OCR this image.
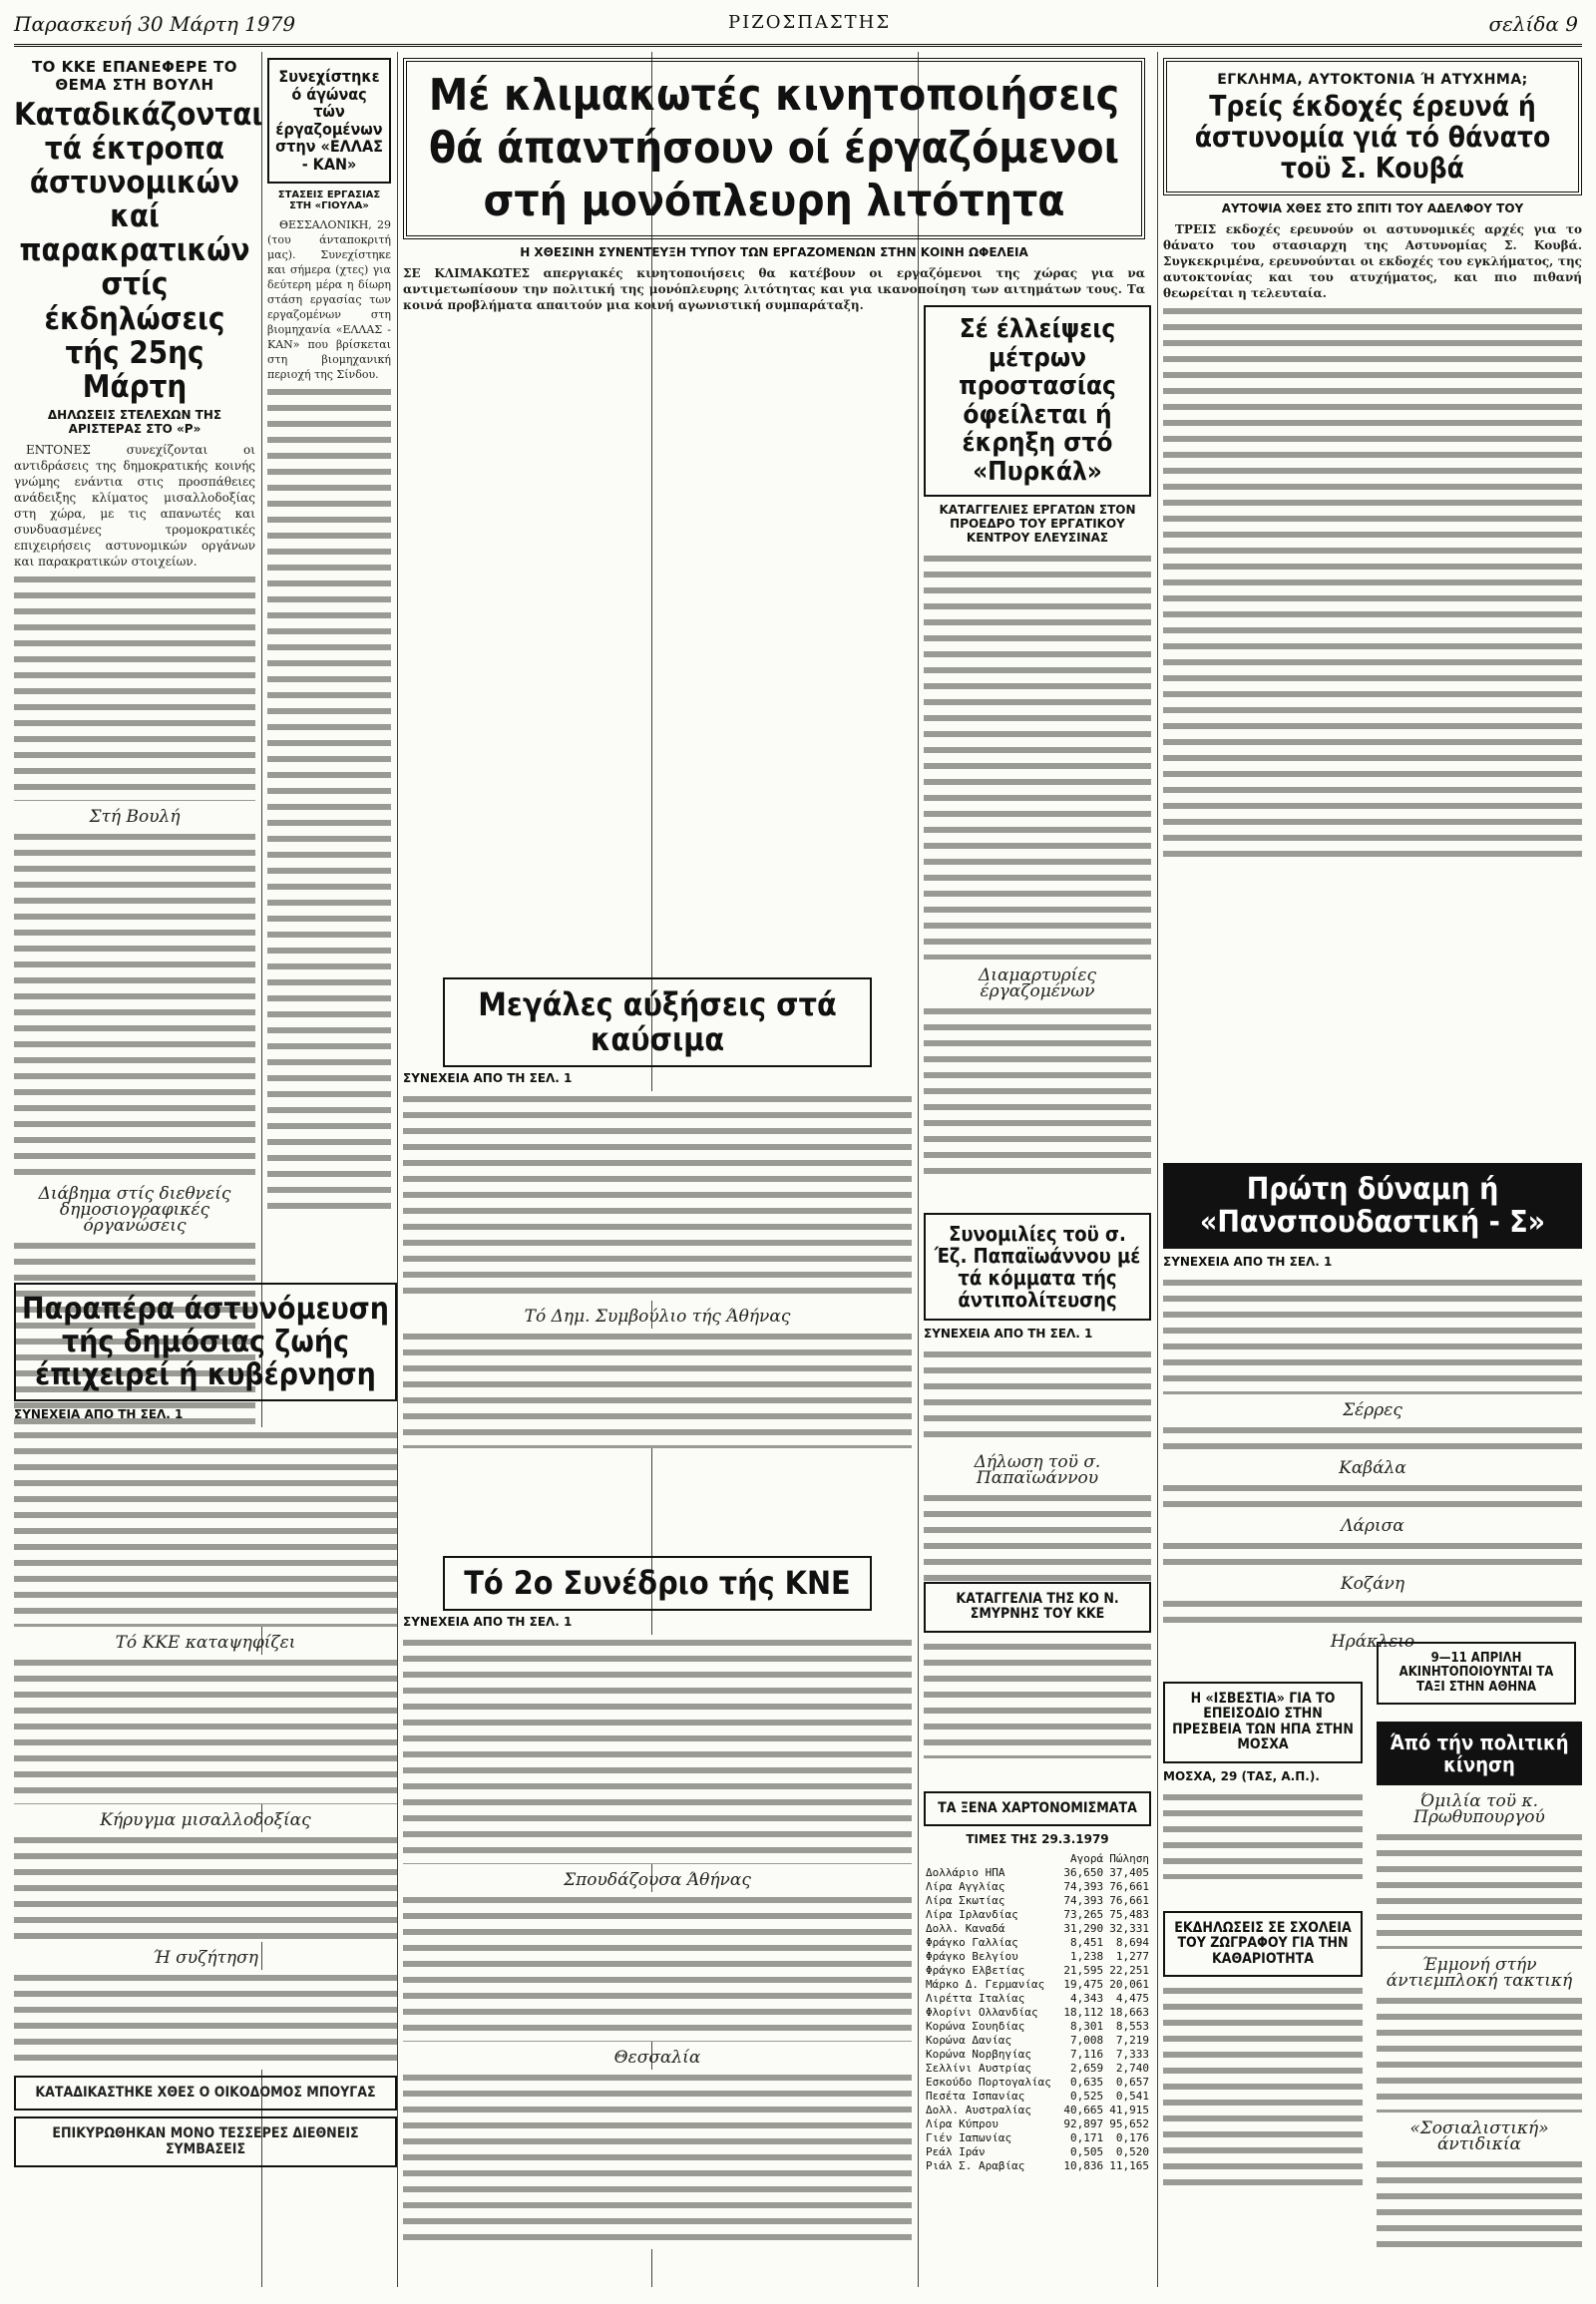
Παρασκευή 30 Μάρτη 1979	ΡΙΖΟΣΠΑΣΤΗΣ	σελίδα 9
ΤΟ ΚΚΕ ΕΠΑΝΕΦΕΡΕ ΤΟ ΘΕΜΑ ΣΤΗ ΒΟΥΛΗ
Καταδικάζονται τά έκτροπα άστυνομικών καί παρακρατικών στίς έκδηλώσεις τής 25ης Μάρτη
ΔΗΛΩΣΕΙΣ ΣΤΕΛΕΧΩΝ ΤΗΣ ΑΡΙΣΤΕΡΑΣ ΣΤΟ «Ρ»

ΕΝΤΟΝΕΣ συνεχίζονται οι αντιδράσεις της δημοκρατικής κοινής γνώμης ενάντια στις προσπάθειες ανάδειξης κλίματος μισαλλοδοξίας στη χώρα, με τις απανωτές και συνδυασμένες τρομοκρατικές επιχειρήσεις αστυνομικών οργάνων και παρακρατικών στοιχείων.

Στή Βουλή
Διάβημα στίς διεθνείς δημοσιογραφικές όργανώσεις
Συνεχίστηκε ό άγώνας τών έργαζομένων στην «ΕΛΛΑΣ - ΚΑΝ»
ΣΤΑΣΕΙΣ ΕΡΓΑΣΙΑΣ ΣΤΗ «ΓΙΟΥΛΑ»

ΘΕΣΣΑΛΟΝΙΚΗ, 29 (του άνταποκριτή μας). Συνεχίστηκε και σήμερα (χτες) για δεύτερη μέρα η δίωρη στάση εργασίας των εργαζομένων στη βιομηχανία «ΕΛΛΑΣ - ΚΑΝ» που βρίσκεται στη βιομηχανική περιοχή της Σίνδου.

Μέ κλιμακωτές κινητοποιήσεις θά άπαντήσουν οί έργαζόμενοι στή μονόπλευρη λιτότητα
Η ΧΘΕΣΙΝΗ ΣΥΝΕΝΤΕΥΞΗ ΤΥΠΟΥ ΤΩΝ ΕΡΓΑΖΟΜΕΝΩΝ ΣΤΗΝ ΚΟΙΝΗ ΩΦΕΛΕΙΑ
ΣΕ ΚΛΙΜΑΚΩΤΕΣ απεργιακές κινητοποιήσεις θα κατέβουν οι εργαζόμενοι της χώρας για να αντιμετωπίσουν την πολιτική της μονόπλευρης λιτότητας και για ικανοποίηση των αιτημάτων τους. Τα κοινά προβλήματα απαιτούν μια κοινή αγωνιστική συμπαράταξη.
ΕΓΚΛΗΜΑ, ΑΥΤΟΚΤΟΝΙΑ Ή ΑΤΥΧΗΜΑ;
Τρείς έκδοχές έρευνά ή άστυνομία γιά τό θάνατο τοϋ Σ. Κουβά
ΑΥΤΟΨΙΑ ΧΘΕΣ ΣΤΟ ΣΠΙΤΙ ΤΟΥ ΑΔΕΛΦΟΥ ΤΟΥ

ΤΡΕΙΣ εκδοχές ερευνούν οι αστυνομικές αρχές για το θάνατο του στασιαρχη της Αστυνομίας Σ. Κουβά. Συγκεκριμένα, ερευνούνται οι εκδοχές του εγκλήματος, της αυτοκτονίας και του ατυχήματος, και πιο πιθανή θεωρείται η τελευταία.

Σέ έλλείψεις μέτρων προστασίας όφείλεται ή έκρηξη στό «Πυρκάλ»
ΚΑΤΑΓΓΕΛΙΕΣ ΕΡΓΑΤΩΝ ΣΤΟΝ ΠΡΟΕΔΡΟ ΤΟΥ ΕΡΓΑΤΙΚΟΥ ΚΕΝΤΡΟΥ ΕΛΕΥΣΙΝΑΣ
Διαμαρτυρίες έργαζομένων
Μεγάλες αύξήσεις στά καύσιμα
ΣΥΝΕΧΕΙΑ ΑΠΟ ΤΗ ΣΕΛ. 1
Τό Δημ. Συμβούλιο τής Άθήνας
Τό 2ο Συνέδριο τής ΚΝΕ
ΣΥΝΕΧΕΙΑ ΑΠΟ ΤΗ ΣΕΛ. 1
Σπουδάζουσα Άθήνας
Θεσσαλία
Παραπέρα άστυνόμευση τής δημόσιας ζωής έπιχειρεί ή κυβέρνηση
ΣΥΝΕΧΕΙΑ ΑΠΟ ΤΗ ΣΕΛ. 1
Τό ΚΚΕ καταψηφίζει
Κήρυγμα μισαλλοδοξίας
Ή συζήτηση
ΚΑΤΑΔΙΚΑΣΤΗΚΕ ΧΘΕΣ Ο ΟΙΚΟΔΟΜΟΣ ΜΠΟΥΓΑΣ
ΕΠΙΚΥΡΩΘΗΚΑΝ ΜΟΝΟ ΤΕΣΣΕΡΕΣ ΔΙΕΘΝΕΙΣ ΣΥΜΒΑΣΕΙΣ
Πρώτη δύναμη ή «Πανσπουδαστική - Σ»
ΣΥΝΕΧΕΙΑ ΑΠΟ ΤΗ ΣΕΛ. 1
Σέρρες
Καβάλα
Λάρισα
Κοζάνη
Ηράκλειο
9—11 ΑΠΡΙΛΗ ΑΚΙΝΗΤΟΠΟΙΟΥΝΤΑΙ ΤΑ ΤΑΞΙ ΣΤΗΝ ΑΘΗΝΑ
Συνομιλίες τοϋ σ. Έζ. Παπαϊωάννου μέ τά κόμματα τής άντιπολίτευσης
ΣΥΝΕΧΕΙΑ ΑΠΟ ΤΗ ΣΕΛ. 1
Δήλωση τοϋ σ. Παπαϊωάννου
ΚΑΤΑΓΓΕΛΙΑ ΤΗΣ ΚΟ Ν. ΣΜΥΡΝΗΣ ΤΟΥ ΚΚΕ
Η «ΙΣΒΕΣΤΙΑ» ΓΙΑ ΤΟ ΕΠΕΙΣΟΔΙΟ ΣΤΗΝ ΠΡΕΣΒΕΙΑ ΤΩΝ ΗΠΑ ΣΤΗΝ ΜΟΣΧΑ
ΜΟΣΧΑ, 29 (ΤΑΣ, Α.Π.).
ΤΑ ΞΕΝΑ ΧΑΡΤΟΝΟΜΙΣΜΑΤΑ
ΤΙΜΕΣ ΤΗΣ 29.3.1979
	Αγορά	Πώληση
Δολλάριο ΗΠΑ	36,650	37,405
Λίρα Αγγλίας	74,393	76,661
Λίρα Σκωτίας	74,393	76,661
Λίρα Ιρλανδίας	73,265	75,483
Δολλ. Καναδά	31,290	32,331
Φράγκο Γαλλίας	8,451	8,694
Φράγκο Βελγίου	1,238	1,277
Φράγκο Ελβετίας	21,595	22,251
Μάρκο Δ. Γερμανίας	19,475	20,061
Λιρέττα Ιταλίας	4,343	4,475
Φλορίνι Ολλανδίας	18,112	18,663
Κορώνα Σουηδίας	8,301	8,553
Κορώνα Δανίας	7,008	7,219
Κορώνα Νορβηγίας	7,116	7,333
Σελλίνι Αυστρίας	2,659	2,740
Εσκούδο Πορτογαλίας	0,635	0,657
Πεσέτα Ισπανίας	0,525	0,541
Δολλ. Αυστραλίας	40,665	41,915
Λίρα Κύπρου	92,897	95,652
Γιέν Ιαπωνίας	0,171	0,176
Ρεάλ Ιράν	0,505	0,520
Ριάλ Σ. Αραβίας	10,836	11,165
ΕΚΔΗΛΩΣΕΙΣ ΣΕ ΣΧΟΛΕΙΑ ΤΟΥ ΖΩΓΡΑΦΟΥ ΓΙΑ ΤΗΝ ΚΑΘΑΡΙΟΤΗΤΑ
Άπό τήν πολιτική κίνηση
Όμιλία τοϋ κ. Πρωθυπουργού
Έμμονή στήν άντιεμπλοκή τακτική
«Σοσιαλιστική» άντιδικία
